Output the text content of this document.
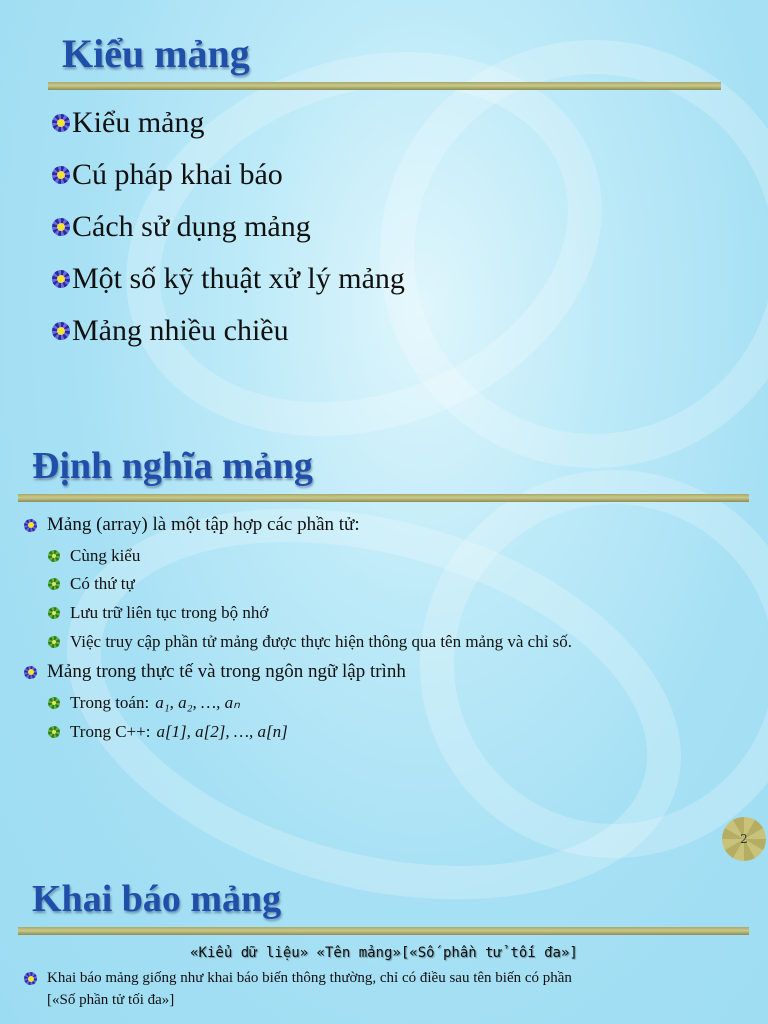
Kiểu mảng
Kiểu mảng
Cú pháp khai báo
Cách sử dụng mảng
Một số kỹ thuật xử lý mảng
Mảng nhiều chiều
Định nghĩa mảng
Mảng (array) là một tập hợp các phần tử:
Cùng kiểu
Có thứ tự
Lưu trữ liên tục trong bộ nhớ
Việc truy cập phần tử mảng được thực hiện thông qua tên mảng và chỉ số.
Mảng trong thực tế và trong ngôn ngữ lập trình
Trong toán: a₁, a₂, …, aₙ
Trong C++: a[1], a[2], …, a[n]
2
Khai báo mảng
«Kiểu dữ liệu» «Tên mảng»[«Số phần tử tối đa»]
Khai báo mảng giống như khai báo biến thông thường, chỉ có điều sau tên biến có phần
[«Số phần tử tối đa»]
